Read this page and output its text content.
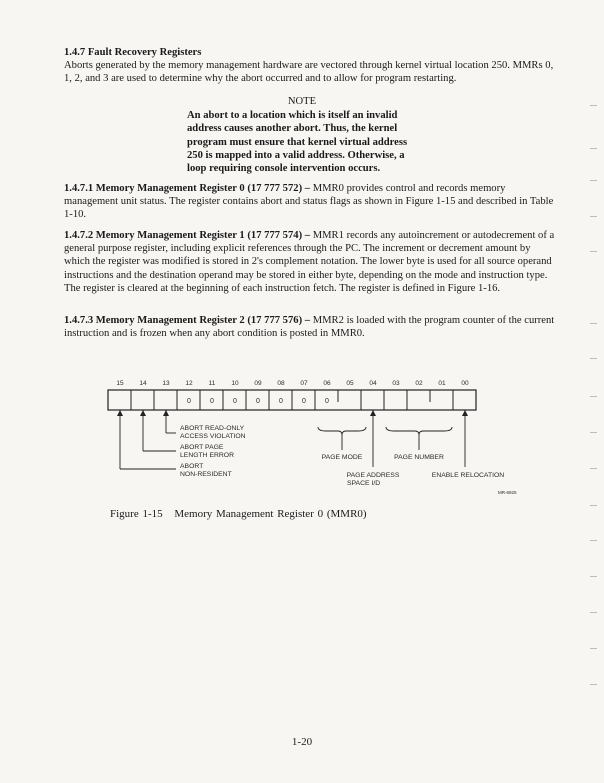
1.4.7 Fault Recovery Registers
Aborts generated by the memory management hardware are vectored through kernel virtual location 250. MMRs 0, 1, 2, and 3 are used to determine why the abort occurred and to allow for program restarting.
NOTE
An abort to a location which is itself an invalid address causes another abort. Thus, the kernel program must ensure that kernel virtual address 250 is mapped into a valid address. Otherwise, a loop requiring console intervention occurs.
1.4.7.1 Memory Management Register 0 (17 777 572) – MMR0 provides control and records memory management unit status. The register contains abort and status flags as shown in Figure 1-15 and described in Table 1-10.
1.4.7.2 Memory Management Register 1 (17 777 574) – MMR1 records any autoincrement or autodecrement of a general purpose register, including explicit references through the PC. The increment or decrement amount by which the register was modified is stored in 2's complement notation. The lower byte is used for all source operand instructions and the destination operand may be stored in either byte, depending on the mode and instruction type. The register is cleared at the beginning of each instruction fetch. The register is defined in Figure 1-16.
1.4.7.3 Memory Management Register 2 (17 777 576) – MMR2 is loaded with the program counter of the current instruction and is frozen when any abort condition is posted in MMR0.
15 14 13 12 11 10 09 08 07 06 05 04 03 02 01 00
0	0	0	0	0	0	0
ABORT READ-ONLY
ACCESS VIOLATION
ABORT PAGE
LENGTH ERROR
ABORT
NON-RESIDENT
PAGE MODE	PAGE NUMBER
PAGE ADDRESS
SPACE I/D
ENABLE RELOCATION
MR-6925
Figure 1-15 Memory Management Register 0 (MMR0)
1-20
